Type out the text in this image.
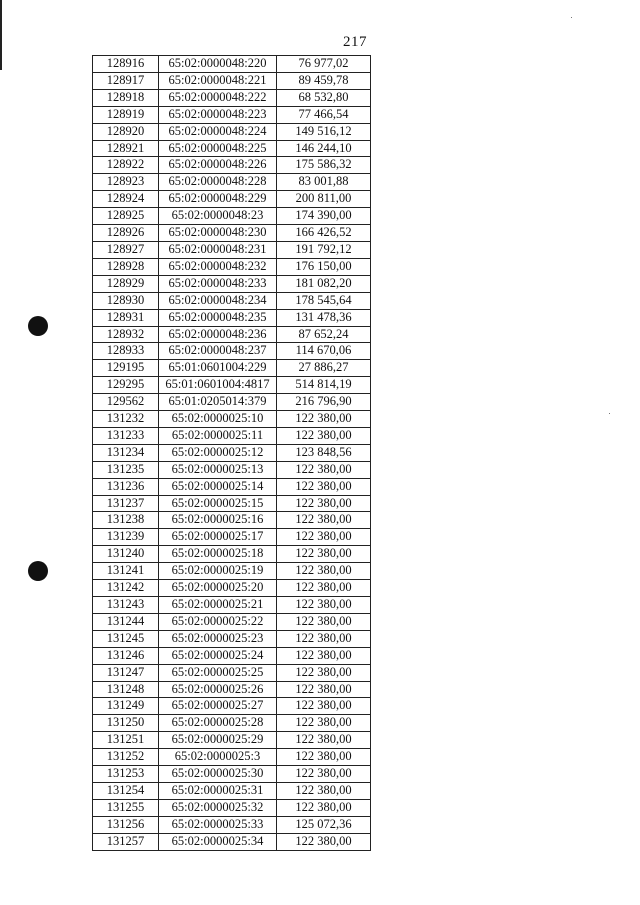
217
128916	65:02:0000048:220	76 977,02
128917	65:02:0000048:221	89 459,78
128918	65:02:0000048:222	68 532,80
128919	65:02:0000048:223	77 466,54
128920	65:02:0000048:224	149 516,12
128921	65:02:0000048:225	146 244,10
128922	65:02:0000048:226	175 586,32
128923	65:02:0000048:228	83 001,88
128924	65:02:0000048:229	200 811,00
128925	65:02:0000048:23	174 390,00
128926	65:02:0000048:230	166 426,52
128927	65:02:0000048:231	191 792,12
128928	65:02:0000048:232	176 150,00
128929	65:02:0000048:233	181 082,20
128930	65:02:0000048:234	178 545,64
128931	65:02:0000048:235	131 478,36
128932	65:02:0000048:236	87 652,24
128933	65:02:0000048:237	114 670,06
129195	65:01:0601004:229	27 886,27
129295	65:01:0601004:4817	514 814,19
129562	65:01:0205014:379	216 796,90
131232	65:02:0000025:10	122 380,00
131233	65:02:0000025:11	122 380,00
131234	65:02:0000025:12	123 848,56
131235	65:02:0000025:13	122 380,00
131236	65:02:0000025:14	122 380,00
131237	65:02:0000025:15	122 380,00
131238	65:02:0000025:16	122 380,00
131239	65:02:0000025:17	122 380,00
131240	65:02:0000025:18	122 380,00
131241	65:02:0000025:19	122 380,00
131242	65:02:0000025:20	122 380,00
131243	65:02:0000025:21	122 380,00
131244	65:02:0000025:22	122 380,00
131245	65:02:0000025:23	122 380,00
131246	65:02:0000025:24	122 380,00
131247	65:02:0000025:25	122 380,00
131248	65:02:0000025:26	122 380,00
131249	65:02:0000025:27	122 380,00
131250	65:02:0000025:28	122 380,00
131251	65:02:0000025:29	122 380,00
131252	65:02:0000025:3	122 380,00
131253	65:02:0000025:30	122 380,00
131254	65:02:0000025:31	122 380,00
131255	65:02:0000025:32	122 380,00
131256	65:02:0000025:33	125 072,36
131257	65:02:0000025:34	122 380,00
